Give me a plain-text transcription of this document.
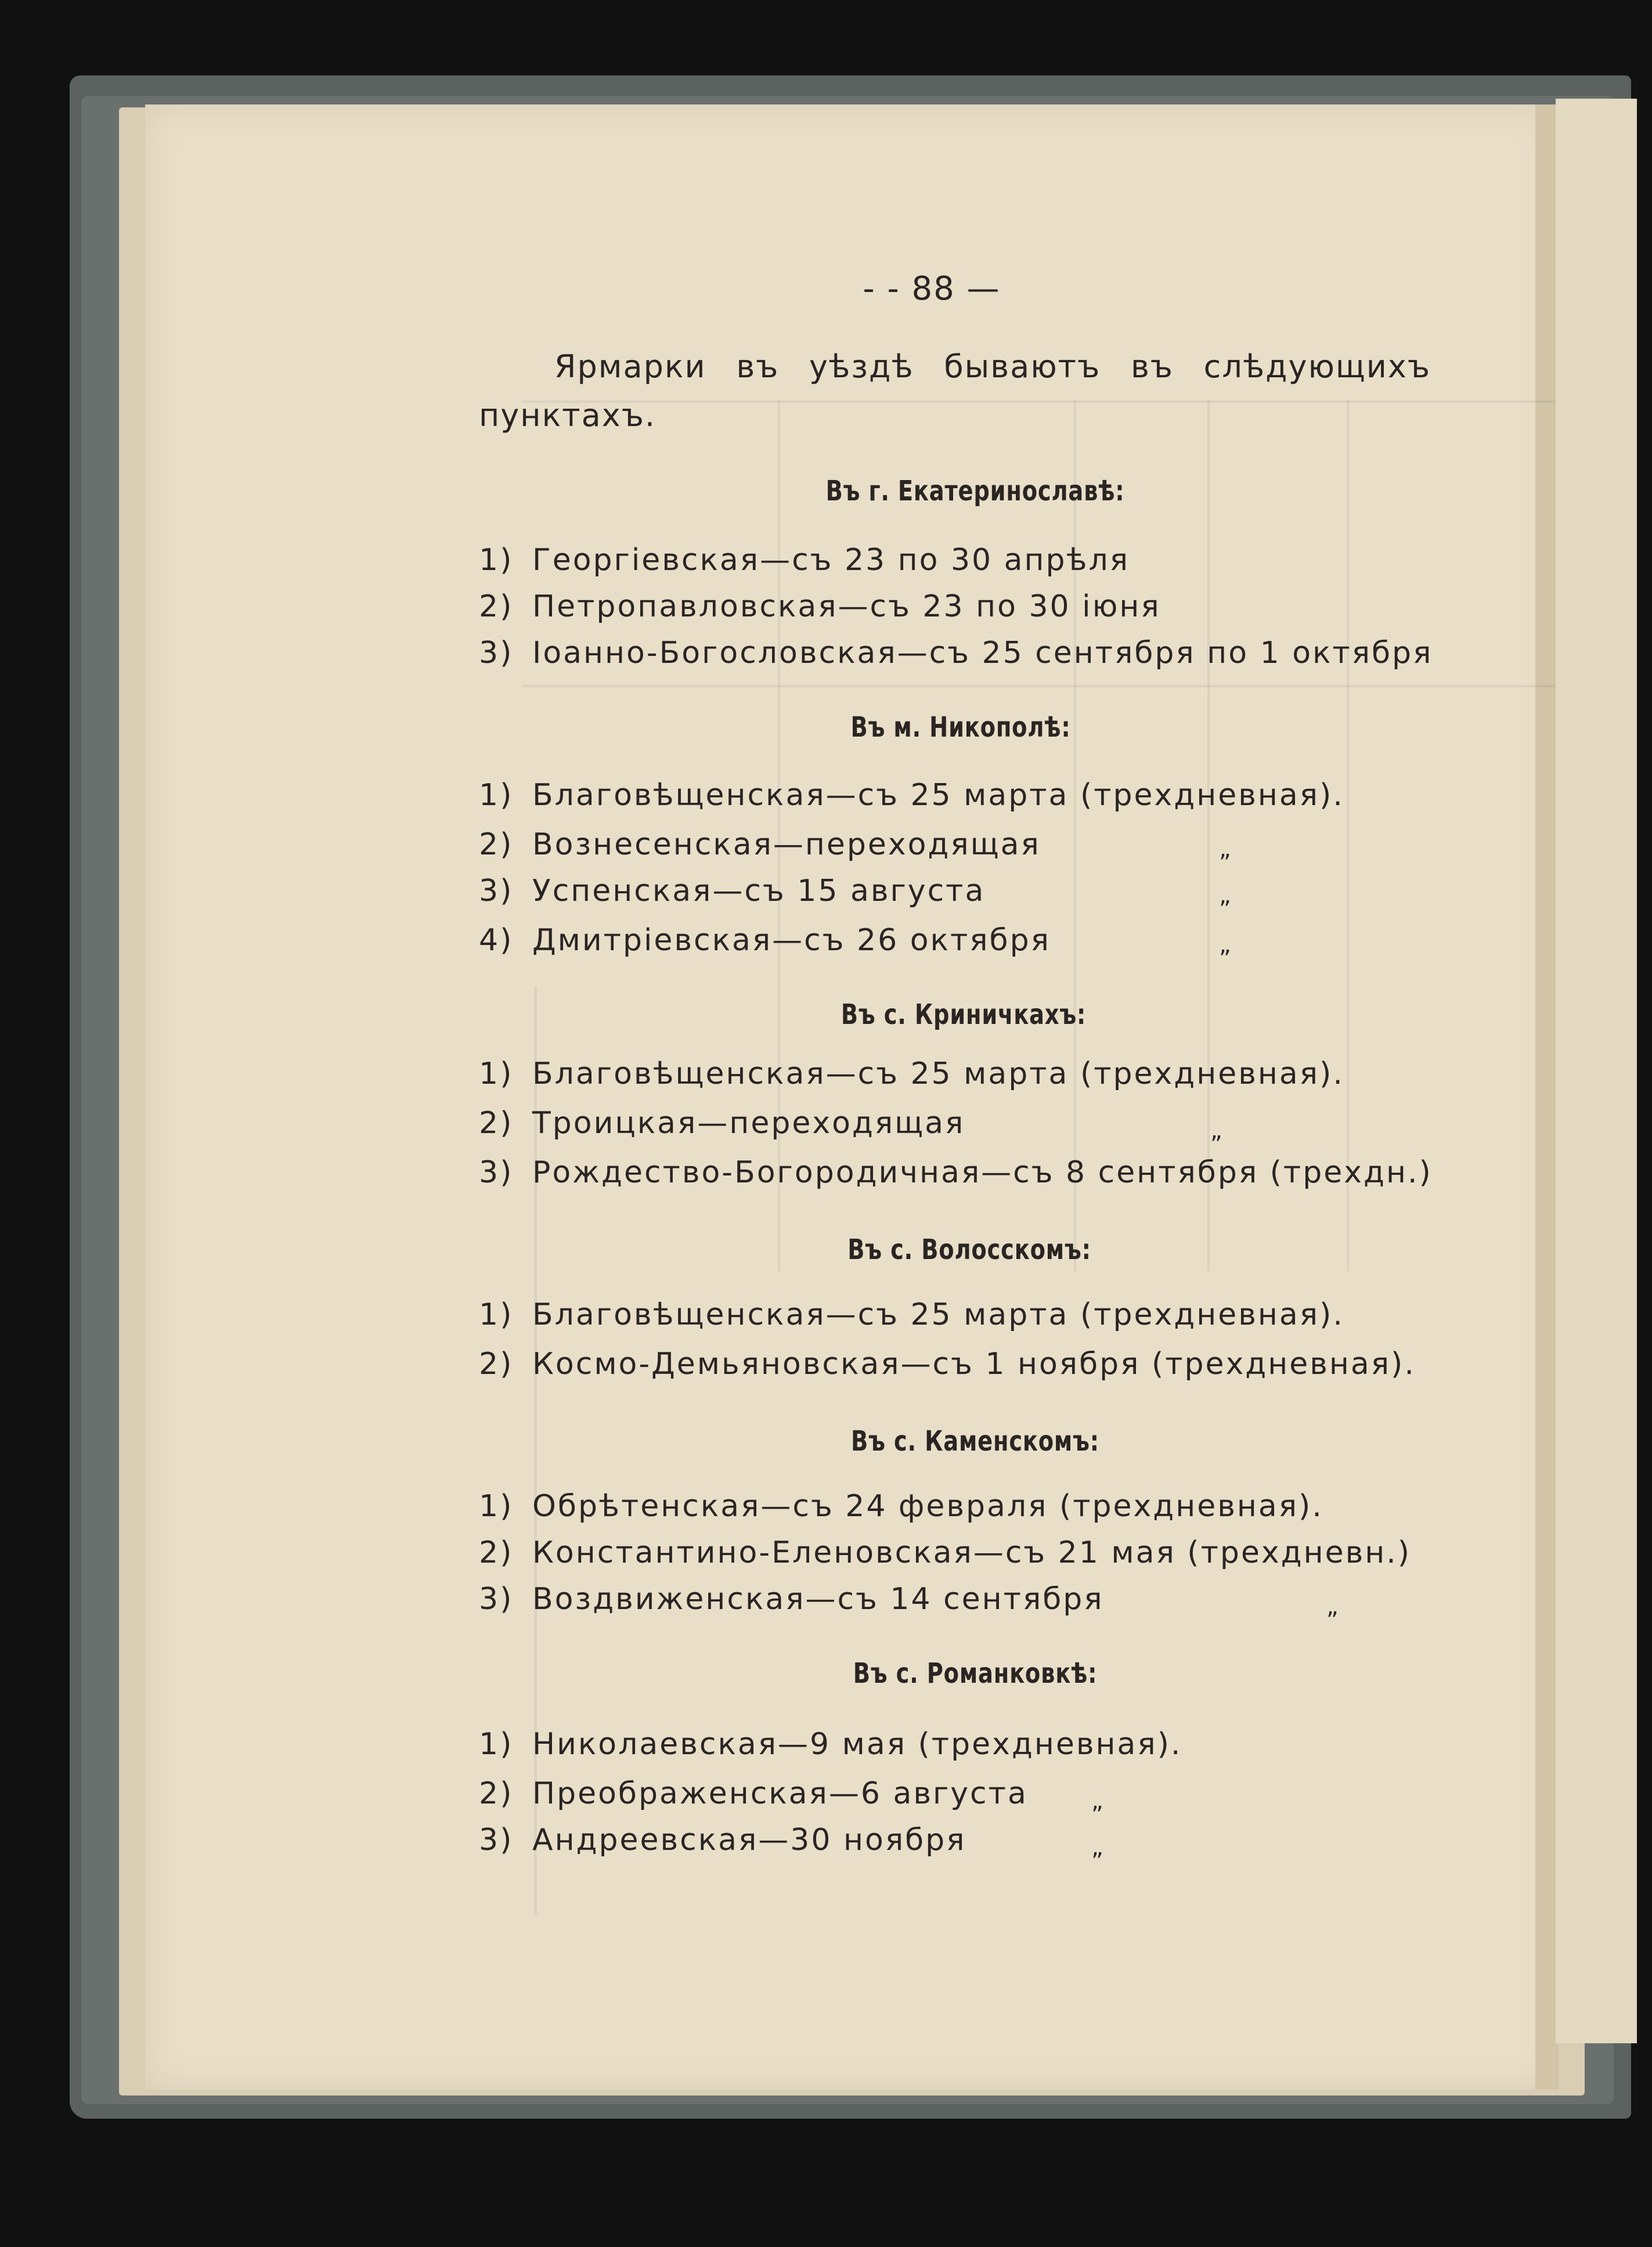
- - 88 —
Ярмарки въ уѣздѣ бываютъ въ слѣдующихъ пунктахъ.
Въ г. Екатеринославѣ:
1) Георгіевская—съ 23 по 30 апрѣля
2) Петропавловская—съ 23 по 30 іюня
3) Іоанно-Богословская—съ 25 сентября по 1 октября
Въ м. Никополѣ:
1) Благовѣщенская—съ 25 марта (трехдневная).
2) Вознесенская—переходящая	„
3) Успенская—съ 15 августа	„
4) Дмитріевская—съ 26 октября	„
Въ с. Криничкахъ:
1) Благовѣщенская—съ 25 марта (трехдневная).
2) Троицкая—переходящая	„
3) Рождество-Богородичная—съ 8 сентября (трехдн.)
Въ с. Волосскомъ:
1) Благовѣщенская—съ 25 марта (трехдневная).
2) Космо-Демьяновская—съ 1 ноября (трехдневная).
Въ с. Каменскомъ:
1) Обрѣтенская—съ 24 февраля (трехдневная).
2) Константино-Еленовская—съ 21 мая (трехдневн.)
3) Воздвиженская—съ 14 сентября	„
Въ с. Романковкѣ:
1) Николаевская—9 мая (трехдневная).
2) Преображенская—6 августа	„
3) Андреевская—30 ноября	„
